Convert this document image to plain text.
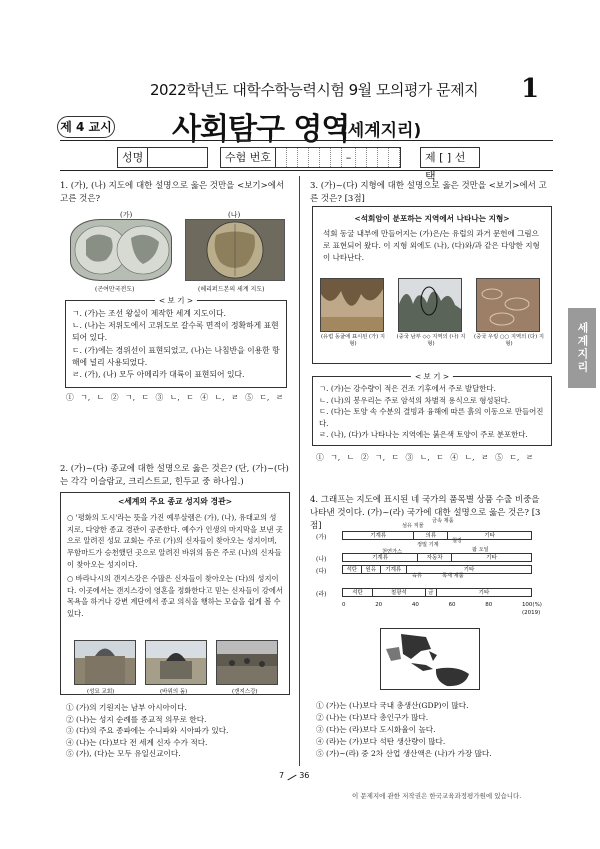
2022학년도 대학수학능력시험 9월 모의평가 문제지 1
제 4 교시 사회탐구 영역
(세계지리)
성명	수험 번호	–	제 [ ] 선택
세계지리
1. (가), (나) 지도에 대한 설명으로 옳은 것만을 <보기>에서 고른 것은?
(가)	(나)
(곤여만국전도)	(헤리퍼드본의 세계 지도)
< 보 기 >
ㄱ. (가)는 조선 왕실이 제작한 세계 지도이다.
ㄴ. (나)는 저위도에서 고위도로 갈수록 면적이 정확하게 표현되어 있다.
ㄷ. (가)에는 경위선이 표현되었고, (나)는 나침반을 이용한 항해에 널리 사용되었다.
ㄹ. (가), (나) 모두 아메리카 대륙이 표현되어 있다.
① ㄱ, ㄴ ② ㄱ, ㄷ ③ ㄴ, ㄷ ④ ㄴ, ㄹ ⑤ ㄷ, ㄹ
2. (가)~(다) 종교에 대한 설명으로 옳은 것은? (단, (가)~(다)는 각각 이슬람교, 크리스트교, 힌두교 중 하나임.)
<세계의 주요 종교 성지와 경관>
○ '평화의 도시'라는 뜻을 가진 예루살렘은 (가), (나), 유대교의 성지로, 다양한 종교 경관이 공존한다. 예수가 인생의 마지막을 보낸 곳으로 알려진 성묘 교회는 주로 (가)의 신자들이 찾아오는 성지이며, 무함마드가 승천했던 곳으로 알려진 바위의 돔은 주로 (나)의 신자들이 찾아오는 성지이다.
○ 바라나시의 갠지스강은 수많은 신자들이 찾아오는 (다)의 성지이다. 이곳에서는 갠지스강이 영혼을 정화한다고 믿는 신자들이 강에서 목욕을 하거나 강변 계단에서 종교 의식을 행하는 모습을 쉽게 볼 수 있다.
(성묘 교회)	(바위의 돔)	(갠지스강)
① (가)의 기원지는 남부 아시아이다.
② (나)는 성지 순례를 종교적 의무로 한다.
③ (다)의 주요 종파에는 수니파와 시아파가 있다.
④ (나)는 (다)보다 전 세계 신자 수가 적다.
⑤ (가), (다)는 모두 유일신교이다.
3. (가)~(다) 지형에 대한 설명으로 옳은 것만을 <보기>에서 고른 것은? [3점]
<석회암이 분포하는 지역에서 나타나는 지형>
석회 동굴 내부에 만들어지는 (가)은/는 유럽의 과거 문헌에 그림으로 표현되어 왔다. 이 지형 외에도 (나), (다)와/과 같은 다양한 지형이 나타난다.
(유럽 동굴에 표시된 (가) 지형)
(중국 남부 ◇◇ 지역의 (나) 지형)
(중국 우링 ○○ 지역의 (다) 지형)
< 보 기 >
ㄱ. (가)는 강수량이 적은 건조 기후에서 주로 발달한다.
ㄴ. (나)의 봉우리는 주로 암석의 차별적 용식으로 형성된다.
ㄷ. (다)는 토양 속 수분의 결빙과 융해에 따른 흙의 이동으로 만들어진다.
ㄹ. (나), (다)가 나타나는 지역에는 붉은색 토양이 주로 분포한다.
① ㄱ, ㄴ ② ㄱ, ㄷ ③ ㄴ, ㄷ ④ ㄴ, ㄹ ⑤ ㄷ, ㄹ
4. 그래프는 지도에 표시된 네 국가의 품목별 상품 수출 비중을 나타낸 것이다. (가)~(라) 국가에 대한 설명으로 옳은 것은? [3점]	섬유 직물
금속 제품
천연가스
정밀 기계
철강
팜 오일
육류	목재 제품
(가)	기계류	의류	기타
(나)	기계류	자동차	기타
(다)	석탄	원유	기계류	기타
(라)	석탄	철광석	금	기타
0	20	40	60	80	100(%)
(2019)
① (가)는 (나)보다 국내 총생산(GDP)이 많다.
② (나)는 (다)보다 총인구가 많다.
③ (다)는 (라)보다 도시화율이 높다.
④ (라)는 (가)보다 석탄 생산량이 많다.
⑤ (가)~(라) 중 2차 산업 생산액은 (나)가 가장 많다.
7 36
이 문제지에 관한 저작권은 한국교육과정평가원에 있습니다.
